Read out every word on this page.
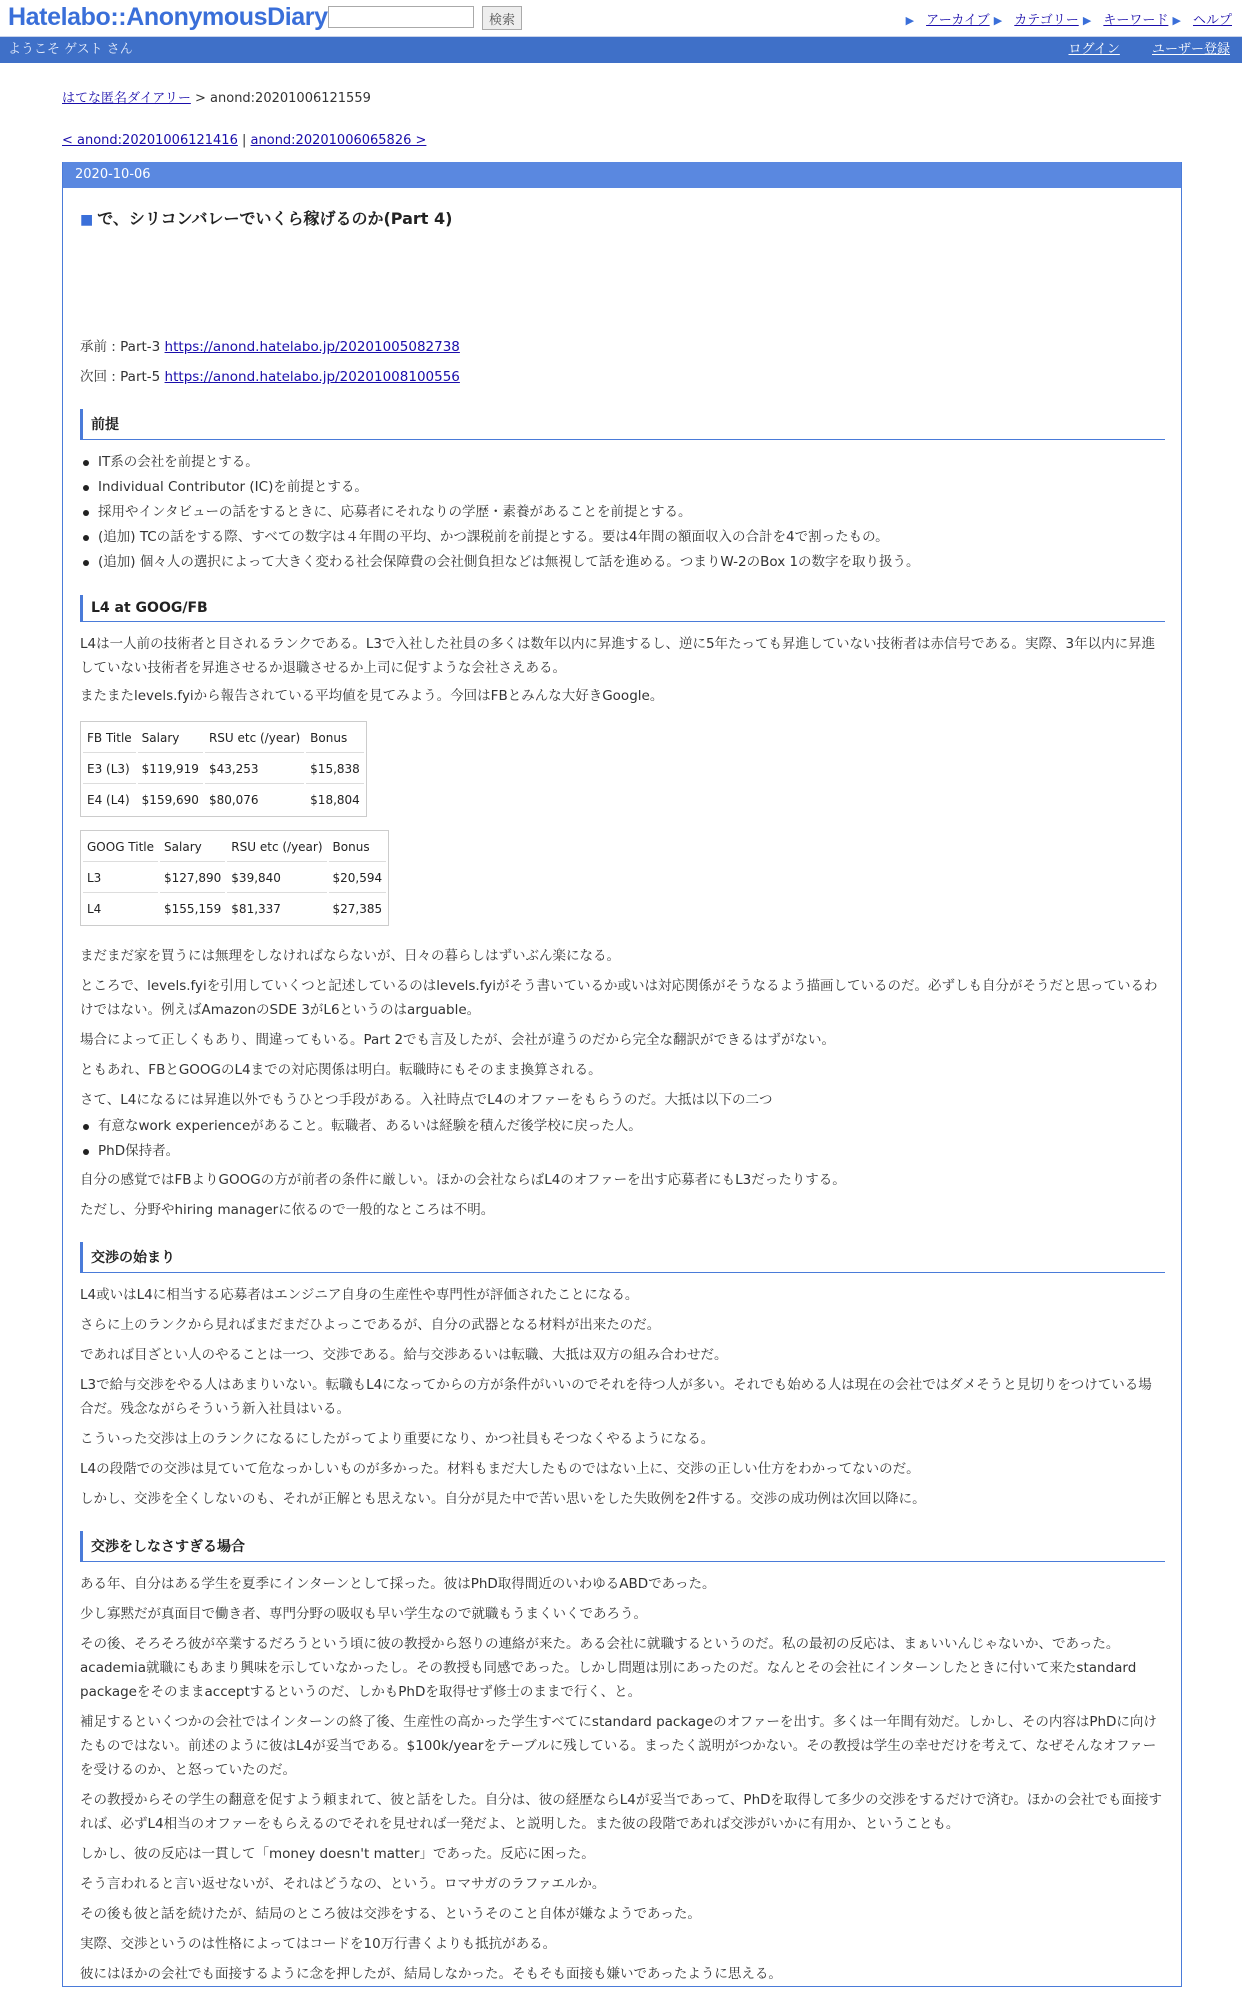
Hatelabo::AnonymousDiary	検索	▶ アーカイブ ▶ カテゴリー ▶ キーワード ▶ ヘルプ
ようこそ ゲスト さん	ログイン ユーザー登録
はてな匿名ダイアリー > anond:20201006121559
< anond:20201006121416 | anond:20201006065826 >
2020-10-06
■ で、シリコンバレーでいくら稼げるのか(Part 4)

承前 : Part-3 https://anond.hatelabo.jp/20201005082738

次回 : Part-5 https://anond.hatelabo.jp/20201008100556

前提
IT系の会社を前提とする。
Individual Contributor (IC)を前提とする。
採用やインタビューの話をするときに、応募者にそれなりの学歴・素養があることを前提とする。
(追加) TCの話をする際、すべての数字は４年間の平均、かつ課税前を前提とする。要は4年間の額面収入の合計を4で割ったもの。
(追加) 個々人の選択によって大きく変わる社会保障費の会社側負担などは無視して話を進める。つまりW-2のBox 1の数字を取り扱う。
L4 at GOOG/FB

L4は一人前の技術者と目されるランクである。L3で入社した社員の多くは数年以内に昇進するし、逆に5年たっても昇進していない技術者は赤信号である。実際、3年以内に昇進していない技術者を昇進させるか退職させるか上司に促すような会社さえある。

またまたlevels.fyiから報告されている平均値を見てみよう。今回はFBとみんな大好きGoogle。

FB Title	Salary	RSU etc (/year)	Bonus
E3 (L3)	$119,919	$43,253	$15,838
E4 (L4)	$159,690	$80,076	$18,804
GOOG Title	Salary	RSU etc (/year)	Bonus
L3	$127,890	$39,840	$20,594
L4	$155,159	$81,337	$27,385

まだまだ家を買うには無理をしなければならないが、日々の暮らしはずいぶん楽になる。

ところで、levels.fyiを引用していくつと記述しているのはlevels.fyiがそう書いているか或いは対応関係がそうなるよう描画しているのだ。必ずしも自分がそうだと思っているわけではない。例えばAmazonのSDE 3がL6というのはarguable。

場合によって正しくもあり、間違ってもいる。Part 2でも言及したが、会社が違うのだから完全な翻訳ができるはずがない。

ともあれ、FBとGOOGのL4までの対応関係は明白。転職時にもそのまま換算される。

さて、L4になるには昇進以外でもうひとつ手段がある。入社時点でL4のオファーをもらうのだ。大抵は以下の二つ

有意なwork experienceがあること。転職者、あるいは経験を積んだ後学校に戻った人。
PhD保持者。

自分の感覚ではFBよりGOOGの方が前者の条件に厳しい。ほかの会社ならばL4のオファーを出す応募者にもL3だったりする。

ただし、分野やhiring managerに依るので一般的なところは不明。

交渉の始まり

L4或いはL4に相当する応募者はエンジニア自身の生産性や専門性が評価されたことになる。

さらに上のランクから見ればまだまだひよっこであるが、自分の武器となる材料が出来たのだ。

であれば目ざとい人のやることは一つ、交渉である。給与交渉あるいは転職、大抵は双方の組み合わせだ。

L3で給与交渉をやる人はあまりいない。転職もL4になってからの方が条件がいいのでそれを待つ人が多い。それでも始める人は現在の会社ではダメそうと見切りをつけている場合だ。残念ながらそういう新入社員はいる。

こういった交渉は上のランクになるにしたがってより重要になり、かつ社員もそつなくやるようになる。

L4の段階での交渉は見ていて危なっかしいものが多かった。材料もまだ大したものではない上に、交渉の正しい仕方をわかってないのだ。

しかし、交渉を全くしないのも、それが正解とも思えない。自分が見た中で苦い思いをした失敗例を2件する。交渉の成功例は次回以降に。

交渉をしなさすぎる場合

ある年、自分はある学生を夏季にインターンとして採った。彼はPhD取得間近のいわゆるABDであった。

少し寡黙だが真面目で働き者、専門分野の吸収も早い学生なので就職もうまくいくであろう。

その後、そろそろ彼が卒業するだろうという頃に彼の教授から怒りの連絡が来た。ある会社に就職するというのだ。私の最初の反応は、まぁいいんじゃないか、であった。academia就職にもあまり興味を示していなかったし。その教授も同感であった。しかし問題は別にあったのだ。なんとその会社にインターンしたときに付いて来たstandard packageをそのままacceptするというのだ、しかもPhDを取得せず修士のままで行く、と。

補足するといくつかの会社ではインターンの終了後、生産性の高かった学生すべてにstandard packageのオファーを出す。多くは一年間有効だ。しかし、その内容はPhDに向けたものではない。前述のように彼はL4が妥当である。$100k/yearをテーブルに残している。まったく説明がつかない。その教授は学生の幸せだけを考えて、なぜそんなオファーを受けるのか、と怒っていたのだ。

その教授からその学生の翻意を促すよう頼まれて、彼と話をした。自分は、彼の経歴ならL4が妥当であって、PhDを取得して多少の交渉をするだけで済む。ほかの会社でも面接すれば、必ずL4相当のオファーをもらえるのでそれを見せれば一発だよ、と説明した。また彼の段階であれば交渉がいかに有用か、ということも。

しかし、彼の反応は一貫して「money doesn't matter」であった。反応に困った。

そう言われると言い返せないが、それはどうなの、という。ロマサガのラファエルか。

その後も彼と話を続けたが、結局のところ彼は交渉をする、というそのこと自体が嫌なようであった。

実際、交渉というのは性格によってはコードを10万行書くよりも抵抗がある。

彼にはほかの会社でも面接するように念を押したが、結局しなかった。そもそも面接も嫌いであったように思える。
